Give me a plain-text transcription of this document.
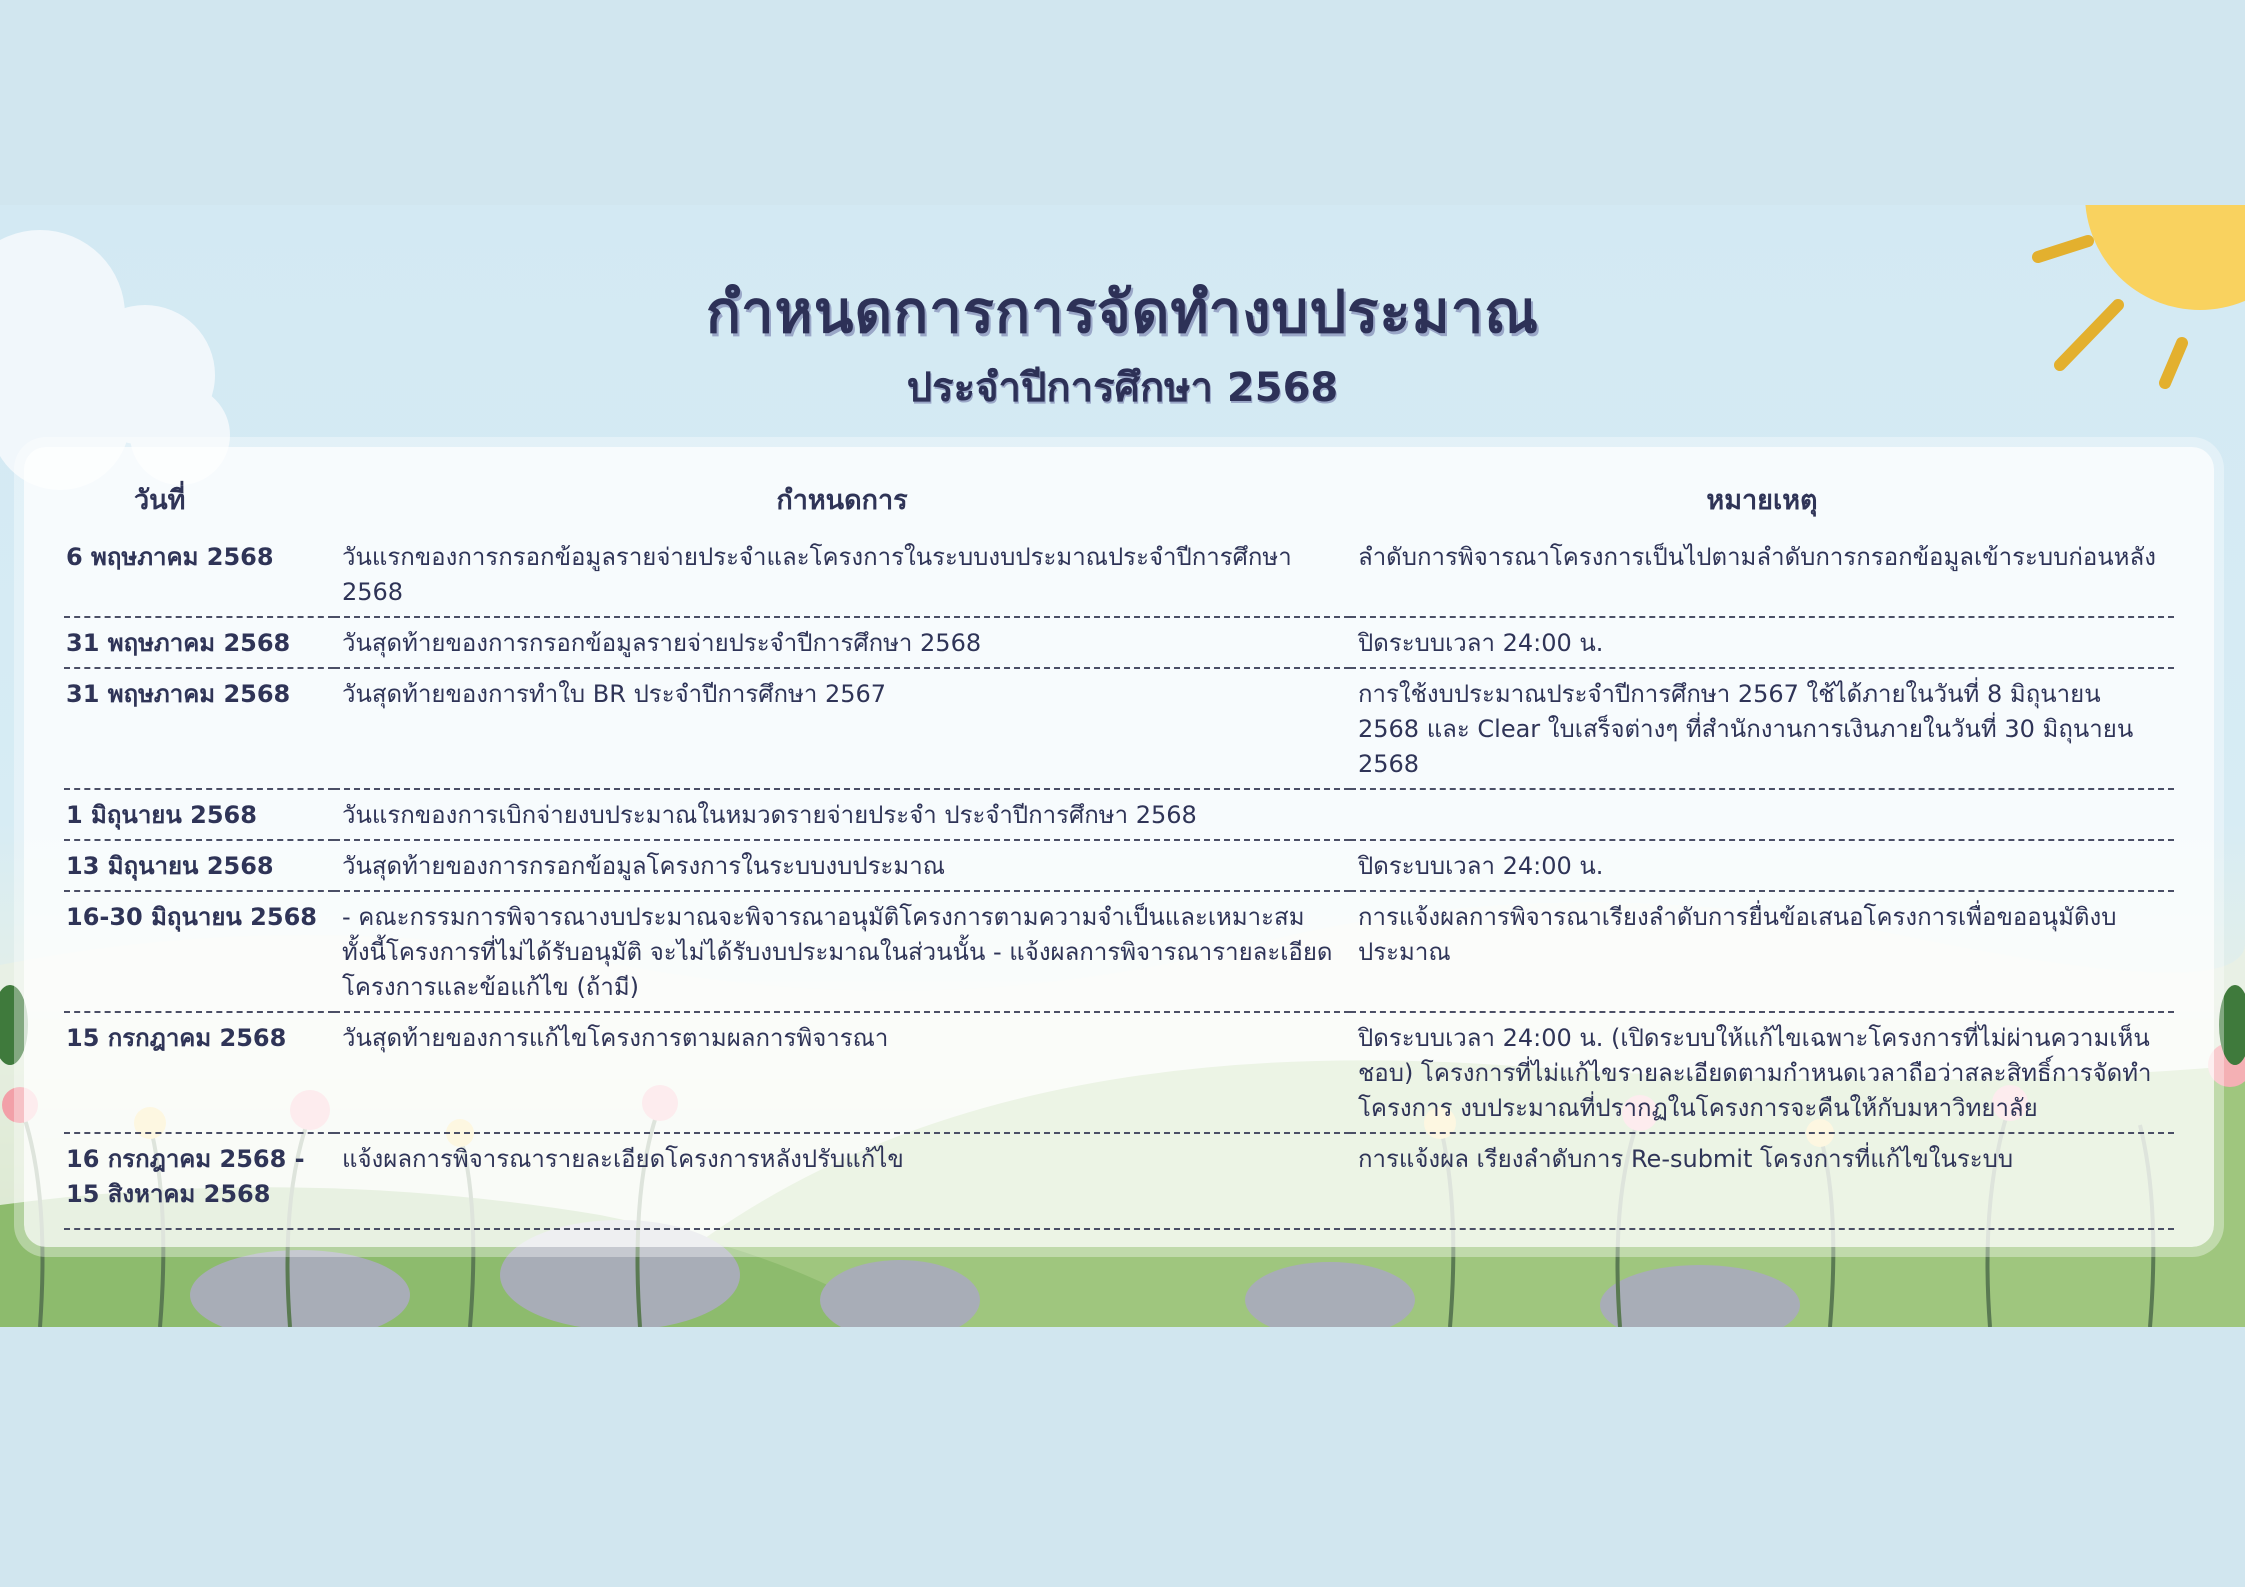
กำหนดการการจัดทำงบประมาณ
ประจำปีการศึกษา 2568
วันที่	กำหนดการ	หมายเหตุ
6 พฤษภาคม 2568	วันแรกของการกรอกข้อมูลรายจ่ายประจำและโครงการในระบบงบประมาณประจำปีการศึกษา 2568	ลำดับการพิจารณาโครงการเป็นไปตามลำดับการกรอกข้อมูลเข้าระบบก่อนหลัง
31 พฤษภาคม 2568	วันสุดท้ายของการกรอกข้อมูลรายจ่ายประจำปีการศึกษา 2568	ปิดระบบเวลา 24:00 น.
31 พฤษภาคม 2568	วันสุดท้ายของการทำใบ BR ประจำปีการศึกษา 2567	การใช้งบประมาณประจำปีการศึกษา 2567 ใช้ได้ภายในวันที่ 8 มิถุนายน 2568 และ Clear ใบเสร็จต่างๆ ที่สำนักงานการเงินภายในวันที่ 30 มิถุนายน 2568
1 มิถุนายน 2568	วันแรกของการเบิกจ่ายงบประมาณในหมวดรายจ่ายประจำ ประจำปีการศึกษา 2568	
13 มิถุนายน 2568	วันสุดท้ายของการกรอกข้อมูลโครงการในระบบงบประมาณ	ปิดระบบเวลา 24:00 น.
16-30 มิถุนายน 2568	- คณะกรรมการพิจารณางบประมาณจะพิจารณาอนุมัติโครงการตามความจำเป็นและเหมาะสม ทั้งนี้โครงการที่ไม่ได้รับอนุมัติ จะไม่ได้รับงบประมาณในส่วนนั้น - แจ้งผลการพิจารณารายละเอียดโครงการและข้อแก้ไข (ถ้ามี)	การแจ้งผลการพิจารณาเรียงลำดับการยื่นข้อเสนอโครงการเพื่อขออนุมัติงบประมาณ
15 กรกฎาคม 2568	วันสุดท้ายของการแก้ไขโครงการตามผลการพิจารณา	ปิดระบบเวลา 24:00 น. (เปิดระบบให้แก้ไขเฉพาะโครงการที่ไม่ผ่านความเห็นชอบ) โครงการที่ไม่แก้ไขรายละเอียดตามกำหนดเวลาถือว่าสละสิทธิ์การจัดทำโครงการ งบประมาณที่ปรากฏในโครงการจะคืนให้กับมหาวิทยาลัย
16 กรกฎาคม 2568 - 15 สิงหาคม 2568	แจ้งผลการพิจารณารายละเอียดโครงการหลังปรับแก้ไข	การแจ้งผล เรียงลำดับการ Re-submit โครงการที่แก้ไขในระบบ
